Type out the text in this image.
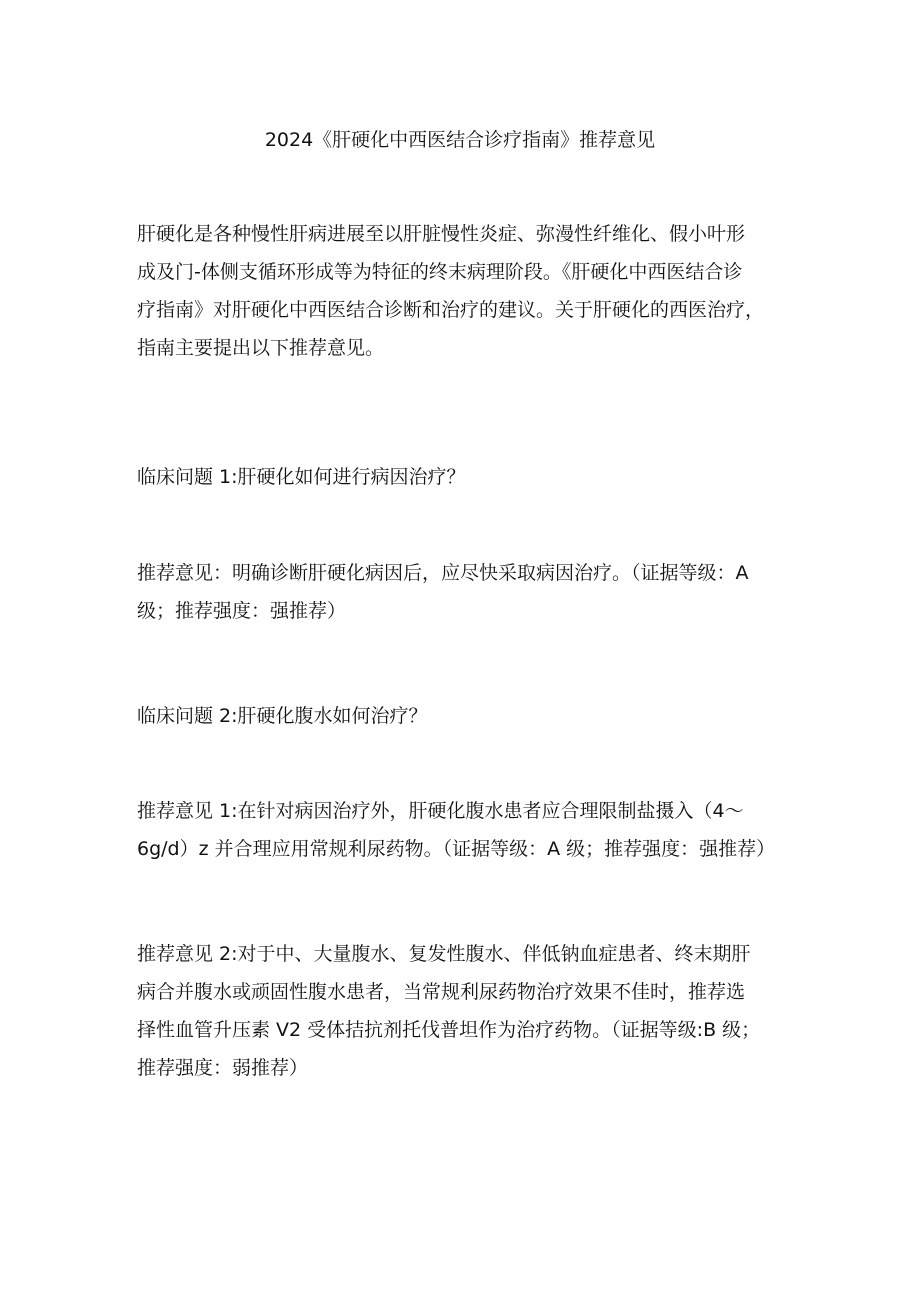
2024《肝硬化中西医结合诊疗指南》推荐意见

肝硬化是各种慢性肝病进展至以肝脏慢性炎症、弥漫性纤维化、假小叶形
成及门-体侧支循环形成等为特征的终末病理阶段。《肝硬化中西医结合诊
疗指南》对肝硬化中西医结合诊断和治疗的建议。关于肝硬化的西医治疗，
指南主要提出以下推荐意见。

临床问题 1:肝硬化如何进行病因治疗？

推荐意见：明确诊断肝硬化病因后，应尽快采取病因治疗。（证据等级：A
级；推荐强度：强推荐）

临床问题 2:肝硬化腹水如何治疗？

推荐意见 1:在针对病因治疗外，肝硬化腹水患者应合理限制盐摄入（4〜
6g∕d）z 并合理应用常规利尿药物。（证据等级：A 级；推荐强度：强推荐）

推荐意见 2:对于中、大量腹水、复发性腹水、伴低钠血症患者、终末期肝
病合并腹水或顽固性腹水患者，当常规利尿药物治疗效果不佳时，推荐选
择性血管升压素 V2 受体拮抗剂托伐普坦作为治疗药物。（证据等级:B 级；
推荐强度：弱推荐）
